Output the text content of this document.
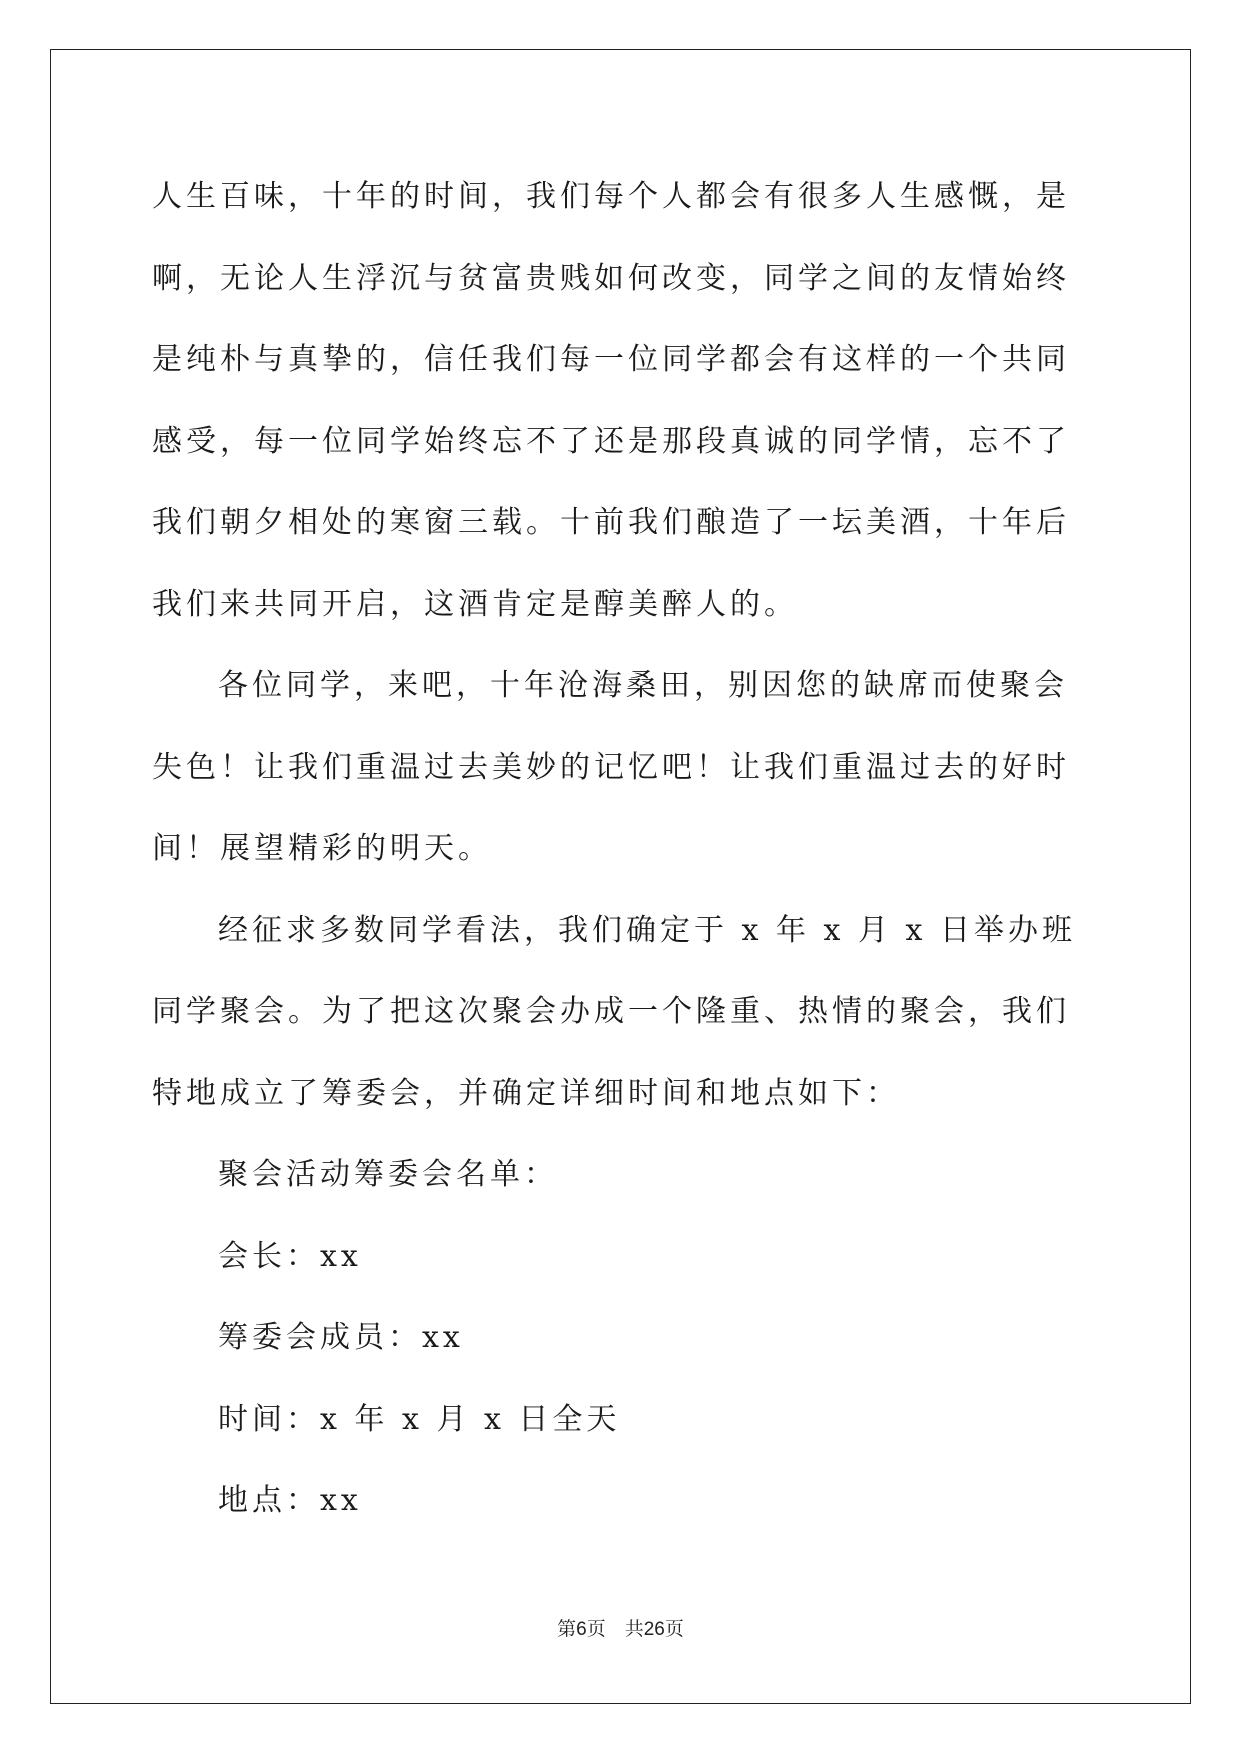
人生百味，十年的时间，我们每个人都会有很多人生感慨，是啊，无论人生浮沉与贫富贵贱如何改变，同学之间的友情始终是纯朴与真挚的，信任我们每一位同学都会有这样的一个共同感受，每一位同学始终忘不了还是那段真诚的同学情，忘不了我们朝夕相处的寒窗三载。十前我们酿造了一坛美酒，十年后我们来共同开启，这酒肯定是醇美醉人的。

各位同学，来吧，十年沧海桑田，别因您的缺席而使聚会失色！让我们重温过去美妙的记忆吧！让我们重温过去的好时间！展望精彩的明天。

经征求多数同学看法，我们确定于 x 年 x 月 x 日举办班同学聚会。为了把这次聚会办成一个隆重、热情的聚会，我们特地成立了筹委会，并确定详细时间和地点如下：

聚会活动筹委会名单：

会长：xx

筹委会成员：xx

时间：x 年 x 月 x 日全天

地点：xx

第6页　共26页
